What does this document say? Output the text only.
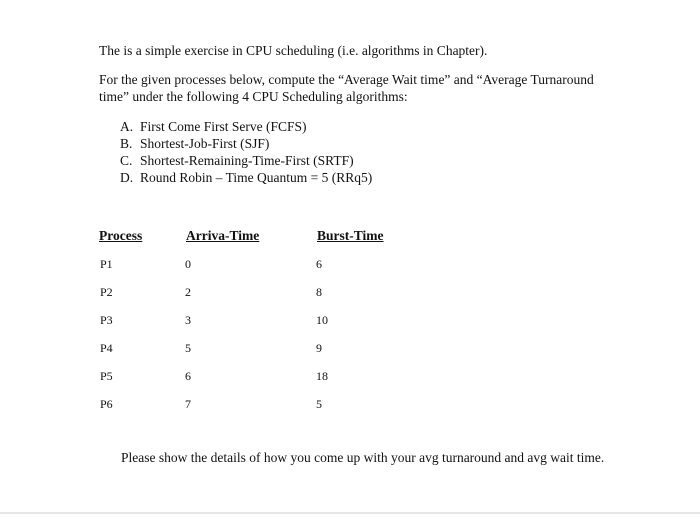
The is a simple exercise in CPU scheduling (i.e. algorithms in Chapter).
For the given processes below, compute the “Average Wait time” and “Average Turnaround
time” under the following 4 CPU Scheduling algorithms:
A. First Come First Serve (FCFS)
B. Shortest-Job-First (SJF)
C. Shortest-Remaining-Time-First (SRTF)
D. Round Robin – Time Quantum = 5 (RRq5)
Process	Arriva-Time	Burst-Time
P1	0	6
P2	2	8
P3	3	10
P4	5	9
P5	6	18
P6	7	5
Please show the details of how you come up with your avg turnaround and avg wait time.
